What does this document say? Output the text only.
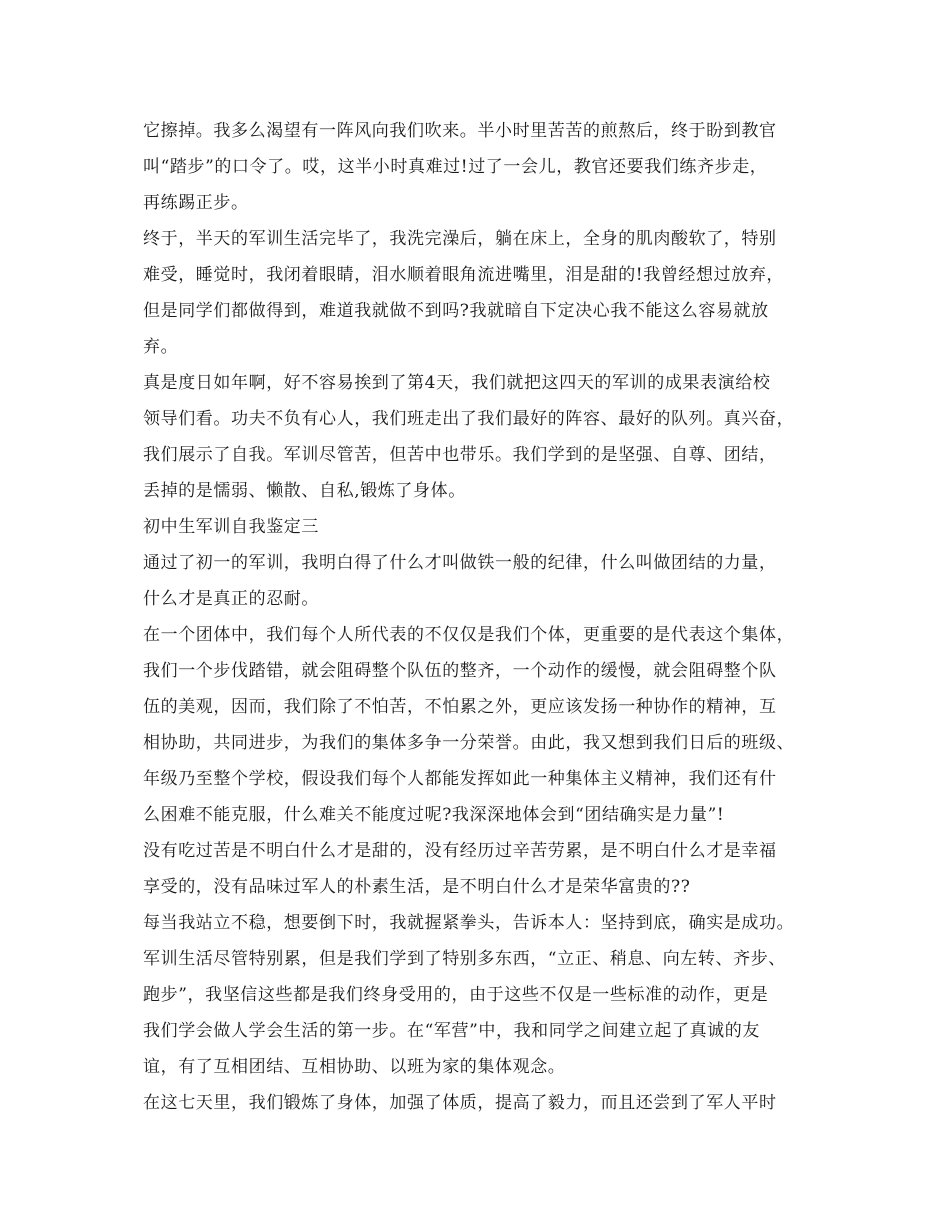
它擦掉。我多么渴望有一阵风向我们吹来。半小时里苦苦的煎熬后，终于盼到教官
叫“踏步”的口令了。哎，这半小时真难过!过了一会儿，教官还要我们练齐步走，
再练踢正步。
终于，半天的军训生活完毕了，我洗完澡后，躺在床上，全身的肌肉酸软了，特别
难受，睡觉时，我闭着眼睛，泪水顺着眼角流进嘴里，泪是甜的!我曾经想过放弃，
但是同学们都做得到，难道我就做不到吗?我就暗自下定决心我不能这么容易就放
弃。
真是度日如年啊，好不容易挨到了第4天，我们就把这四天的军训的成果表演给校
领导们看。功夫不负有心人，我们班走出了我们最好的阵容、最好的队列。真兴奋，
我们展示了自我。军训尽管苦，但苦中也带乐。我们学到的是坚强、自尊、团结，
丢掉的是懦弱、懒散、自私,锻炼了身体。
初中生军训自我鉴定三
通过了初一的军训，我明白得了什么才叫做铁一般的纪律，什么叫做团结的力量，
什么才是真正的忍耐。
在一个团体中，我们每个人所代表的不仅仅是我们个体，更重要的是代表这个集体，
我们一个步伐踏错，就会阻碍整个队伍的整齐，一个动作的缓慢，就会阻碍整个队
伍的美观，因而，我们除了不怕苦，不怕累之外，更应该发扬一种协作的精神，互
相协助，共同进步，为我们的集体多争一分荣誉。由此，我又想到我们日后的班级、
年级乃至整个学校，假设我们每个人都能发挥如此一种集体主义精神，我们还有什
么困难不能克服，什么难关不能度过呢?我深深地体会到“团结确实是力量”!
没有吃过苦是不明白什么才是甜的，没有经历过辛苦劳累，是不明白什么才是幸福
享受的，没有品味过军人的朴素生活，是不明白什么才是荣华富贵的??
每当我站立不稳，想要倒下时，我就握紧拳头，告诉本人：坚持到底，确实是成功。
军训生活尽管特别累，但是我们学到了特别多东西，“立正、稍息、向左转、齐步、
跑步”，我坚信这些都是我们终身受用的，由于这些不仅是一些标准的动作，更是
我们学会做人学会生活的第一步。在“军营”中，我和同学之间建立起了真诚的友
谊，有了互相团结、互相协助、以班为家的集体观念。
在这七天里，我们锻炼了身体，加强了体质，提高了毅力，而且还尝到了军人平时
